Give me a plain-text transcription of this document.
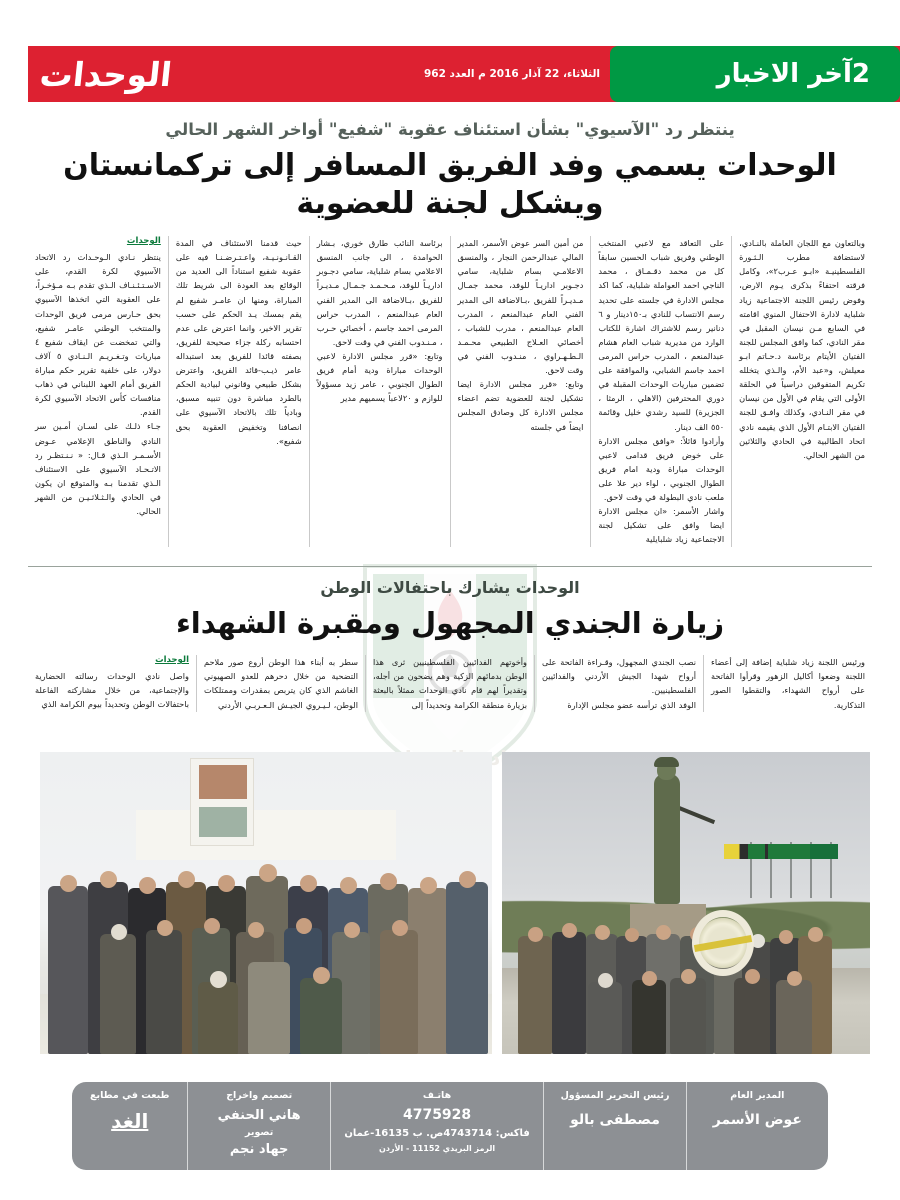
2
آخر الاخبار
الثلاثاء، 22 آذار 2016 م العدد 962
الوحدات
نادي
ينتظر رد "الآسيوي" بشأن استئناف عقوبة "شفيع" أواخر الشهر الحالي
الوحدات يسمي وفد الفريق المسافر إلى تركمانستان ويشكل لجنة للعضوية
وبالتعاون مع اللجان العاملة بالنـادي، لاستضافة مطرب الـثـورة الفلسطينيـة «ابـو عـرب٢»، وكامل فرقته احتفاءً بذكرى يـوم الارض، وفوض رئيس اللجنة الاجتماعية زياد شلباية لادارة الاحتفال المنوي اقامته في السابع مـن نيسان المقبل في مقر النادي، كما وافق المجلس للجنة الفتيان الأيتام برئاسة د.حـاتم ابـو معيلش، و«عبد الأم، والـذي يتخلله تكريم المتفوقين دراسياً في الحلقة الأولى التي يقام في الأول من نيسان في مقر النـادي، وكذلك وافـق للجنة الفتيان الابتـام الأول الذي يقيمه نادي اتحاد الطالبية في الحادي والثلاثين من الشهر الحالي.
على التعاقد مع لاعبي المنتخب الوطني وفريق شباب الحسين سابقاً كل من محمد دقـمـاق ، محمد الناجي احمد العواملة شلباية، كما اكد مجلس الادارة في جلسته على تحديد رسم الانتساب للنادي بـ١٥٠دينار و ٦ دنانير رسم للاشتراك اشارة للكتاب الوارد من مديرية شباب العام هشام عبدالمنعم ، المدرب حراس المرمى احمد جاسم الشبابي، والموافقة على تضمين مباريات الوحدات المقبلة في دوري المحترفين (الاهلي ، الرمثا ، الجزيرة) للسيد رشدي خليل وقائمة ٥٥٠ الف دينار.
وأرادوا قائلاً: «وافق مجلس الادارة على خوض فريق قدامى لاعبي الوحدات مباراة ودية امام فريق الطوال الجنوبي ، لواء دير علا على ملعب نادي البطولة في وقت لاحق.
واشار الأسمر: «ان مجلس الادارة ايضا وافق على تشكيل لجنة الاجتماعية زياد شلبايلية
من أمين السر عوض الأسمر، المدير المالي عبدالرحمن النجار ، والمنسق الاعلامـي بسام شلباية، سامي دجـوبر اداريـاً للوفد، محمد جمـال مـديـراً للفريق ،بـالاضافة الى المدير الفني العام عبدالمنعم ، المدرب العام عبدالمنعم ، مدرب للشباب ، أخصائي العـلاج الطبيعي محـمـد الـطـهـراوي ، منـدوب الفني في وقت لاحق.
وتابع: «قرر مجلس الادارة ايضا تشكيل لجنة للعضوية تضم اعضاء مجلس الادارة كل وصادق المجلس ايضاً في جلسته
برئاسة النائب طارق خوري، بـشار الحوامدة ، الى جانب المنسق الاعلامي بسام شلباية، سامي دجـوبر اداريـاً للوفد، مـحـمـد جـمـال مـديـراً للفريق ،بـالاضافة الى المدير الفني العام عبدالمنعم ، المدرب حراس المرمى احمد جاسم ، أخصائي حـرب ، مـنـدوب الفني في وقت لاحق.
وتابع: «قرر مجلس الادارة لاعبي الوحدات مباراة ودية أمام فريق الطوال الجنوبي ، عامر زيد مسؤولاً للوازم و ٢٠لاعباً يسميهم مدير
حيث قدمنا الاستئناف في المدة القـانـونـيـة، واعـتـرضـنـا فيه على عقوبة شفيع استناداً الى العديد من الوقائع بعد العودة الى شريط تلك المباراة، ومنها ان عامـر شفيع لم يقم بمسك يـد الحكم على حسب تقرير الاخير، وانما اعترض على عدم احتسابه ركلة جزاء صحيحة للفريق، بصفته قائدا للفريق بعد استبداله عامر ذيـب-قائد الفريق، واعترض بشكل طبيعي وقانوني لبيادية الحكم بالطرد مباشرة دون تنبيه مسبق، وبادياً تلك بالاتحاد الآسيوي على انصافنا وتخفيض العقوبة بحق شفيع».
الوحدات
ينتظر نـادي الـوحـدات رد الاتحاد الآسيوي لكرة القدم، على الاسـتـئـنـاف الـذي تقدم بـه مـؤخـراً، على العقوبة التي اتخذها الآسيوي بحق حـارس مرمى فريق الوحدات والمنتخب الوطني عامـر شفيع، والتي تمخضت عن ايقاف شفيع ٤ مباريات وتـغـريـم الـنـادي ٥ آلاف دولار، على خلفية تقرير حكم مباراة الفريق أمام العهد اللبناني في ذهاب منافسات كأس الاتحاد الآسيوي لكرة القدم.
جـاء ذلـك على لسـان أمـين سر النادي والناطق الإعلامي عـوض الأسـمـر الـذي قـال: « نـنـتظـر رد الاتـحـاد الآسيوي على الاستئناف الـذي تقدمنا بـه والمتوقع ان يكون في الحادي والـثـلاثـيـن من الشهر الحالي.
الوحدات يشارك باحتفالات الوطن
زيارة الجندي المجهول ومقبرة الشهداء
ورئيس اللجنة زياد شلباية إضافة إلى أعضاء اللجنة وضعوا أكاليل الزهور وقرأوا الفاتحة على أرواح الشهداء، والتقطوا الصور التذكارية.
نصب الجندي المجهول، وقـراءة الفاتحة على أرواح شهدا الجيش الأردني والفدائيين الفلسطينيين.
الوفد الذي ترأسه عضو مجلس الإدارة
وأخوتهم الفدائيين الفلسطينيين ثرى هذا الوطن بدمائهم الزكية وهم يضحون من أجله، وتقديراً لهم قام نادي الوحدات ممثلاً بالبعثة بزيارة منطقة الكرامة وتحديداً إلى
سطر به أبناء هذا الوطن أروع صور ملاحم التضحية من خلال دحرهم للعدو الصهيوني الغاشم الذي كان يتربص بمقدرات وممتلكات الوطن، لـيـروي الجيـش الـعـربـي الأردني
الوحدات
واصل نادي الوحدات رسالته الحضارية والإجتماعية، من خلال مشاركته الفاعلة باحتفالات الوطن وتحديداً بيوم الكرامة الذي
المدير العام
عوض الأسمر
رئيس التحرير المسؤول
مصطفى بالو
هاتـف
4775928
فاكس: 4743714ص. ب 16135-عمان
الرمز البريدي 11152 - الأردن
تصميم واخراج
هاني الحنفي
تصوير
جهاد نجم
طبعت في مطابع
الغد
